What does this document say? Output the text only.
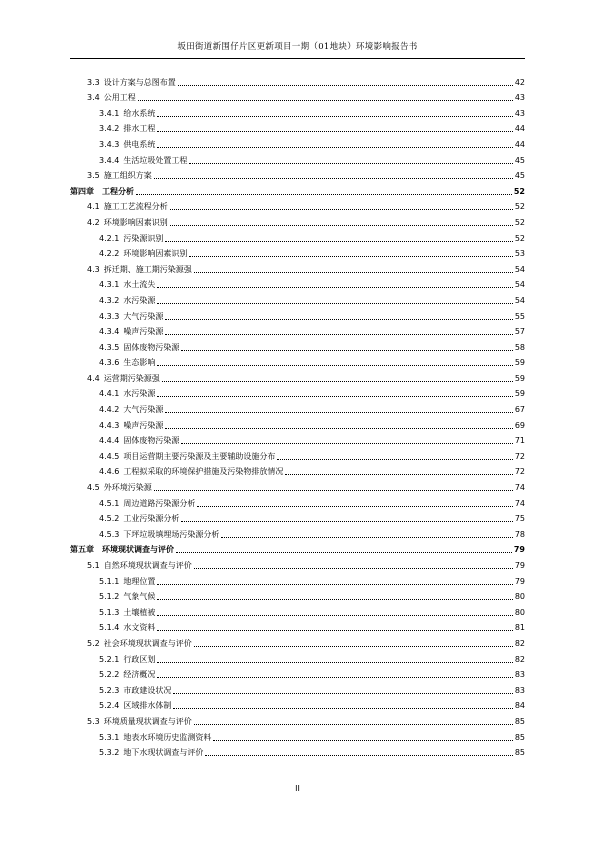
坂田街道新围仔片区更新项目一期（01地块）环境影响报告书
3.3 设计方案与总图布置	42
3.4 公用工程	43
3.4.1 给水系统	43
3.4.2 排水工程	44
3.4.3 供电系统	44
3.4.4 生活垃圾处置工程	45
3.5 施工组织方案	45
第四章 工程分析	52
4.1 施工工艺流程分析	52
4.2 环境影响因素识别	52
4.2.1 污染源识别	52
4.2.2 环境影响因素识别	53
4.3 拆迁期、施工期污染源强	54
4.3.1 水土流失	54
4.3.2 水污染源	54
4.3.3 大气污染源	55
4.3.4 噪声污染源	57
4.3.5 固体废物污染源	58
4.3.6 生态影响	59
4.4 运营期污染源强	59
4.4.1 水污染源	59
4.4.2 大气污染源	67
4.4.3 噪声污染源	69
4.4.4 固体废物污染源	71
4.4.5 项目运营期主要污染源及主要辅助设施分布	72
4.4.6 工程拟采取的环境保护措施及污染物排放情况	72
4.5 外环境污染源	74
4.5.1 周边道路污染源分析	74
4.5.2 工业污染源分析	75
4.5.3 下坪垃圾填埋场污染源分析	78
第五章 环境现状调查与评价	79
5.1 自然环境现状调查与评价	79
5.1.1 地理位置	79
5.1.2 气象气候	80
5.1.3 土壤植被	80
5.1.4 水文资料	81
5.2 社会环境现状调查与评价	82
5.2.1 行政区划	82
5.2.2 经济概况	83
5.2.3 市政建设状况	83
5.2.4 区域排水体制	84
5.3 环境质量现状调查与评价	85
5.3.1 地表水环境历史监测资料	85
5.3.2 地下水现状调查与评价	85
II
